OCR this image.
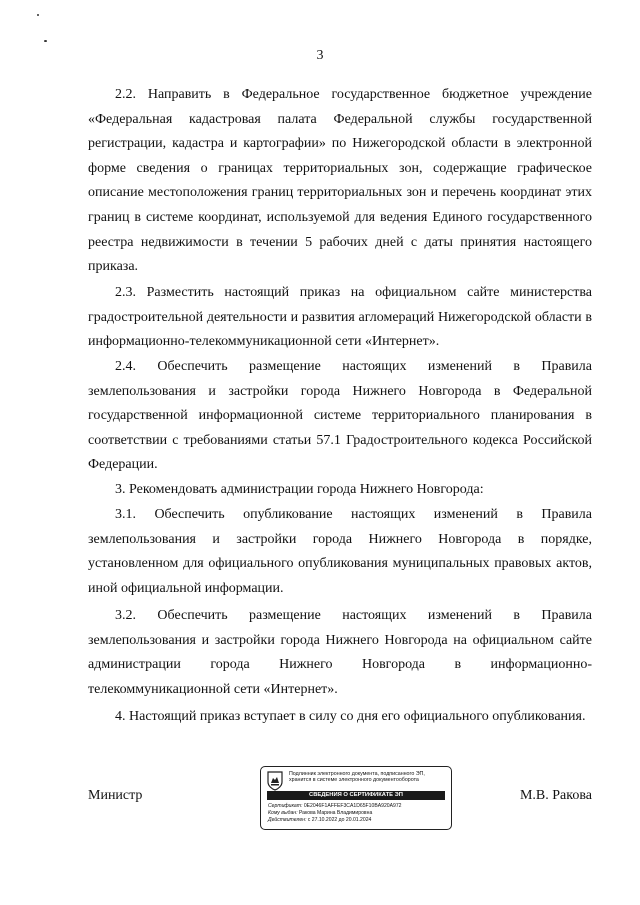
3

2.2. Направить в Федеральное государственное бюджетное учреждение «Федеральная кадастровая палата Федеральной службы государственной регистрации, кадастра и картографии» по Нижегородской области в электронной форме сведения о границах территориальных зон, содержащие графическое описание местоположения границ территориальных зон и перечень координат этих границ в системе координат, используемой для ведения Единого государственного реестра недвижимости в течении 5 рабочих дней с даты принятия настоящего приказа.

2.3. Разместить настоящий приказ на официальном сайте министерства градостроительной деятельности и развития агломераций Нижегородской области в информационно-телекоммуникационной сети «Интернет».

2.4. Обеспечить размещение настоящих изменений в Правила землепользования и застройки города Нижнего Новгорода в Федеральной государственной информационной системе территориального планирования в соответствии с требованиями статьи 57.1 Градостроительного кодекса Российской Федерации.

3. Рекомендовать администрации города Нижнего Новгорода:

3.1. Обеспечить опубликование настоящих изменений в Правила землепользования и застройки города Нижнего Новгорода в порядке, установленном для официального опубликования муниципальных правовых актов, иной официальной информации.

3.2. Обеспечить размещение настоящих изменений в Правила землепользования и застройки города Нижнего Новгорода на официальном сайте администрации города Нижнего Новгорода в информационно-телекоммуникационной сети «Интернет».

4. Настоящий приказ вступает в силу со дня его официального опубликования.

Министр	М.В. Ракова
Подлинник электронного документа, подписанного ЭП,
хранится в системе электронного документооборота
СВЕДЕНИЯ О СЕРТИФИКАТЕ ЭП
Сертификат: 0E2046F1AFFEF3CA1D65F10BA920A972
Кому выдан: Ракова Марина Владимировна
Действителен: с 27.10.2022 до 20.01.2024
